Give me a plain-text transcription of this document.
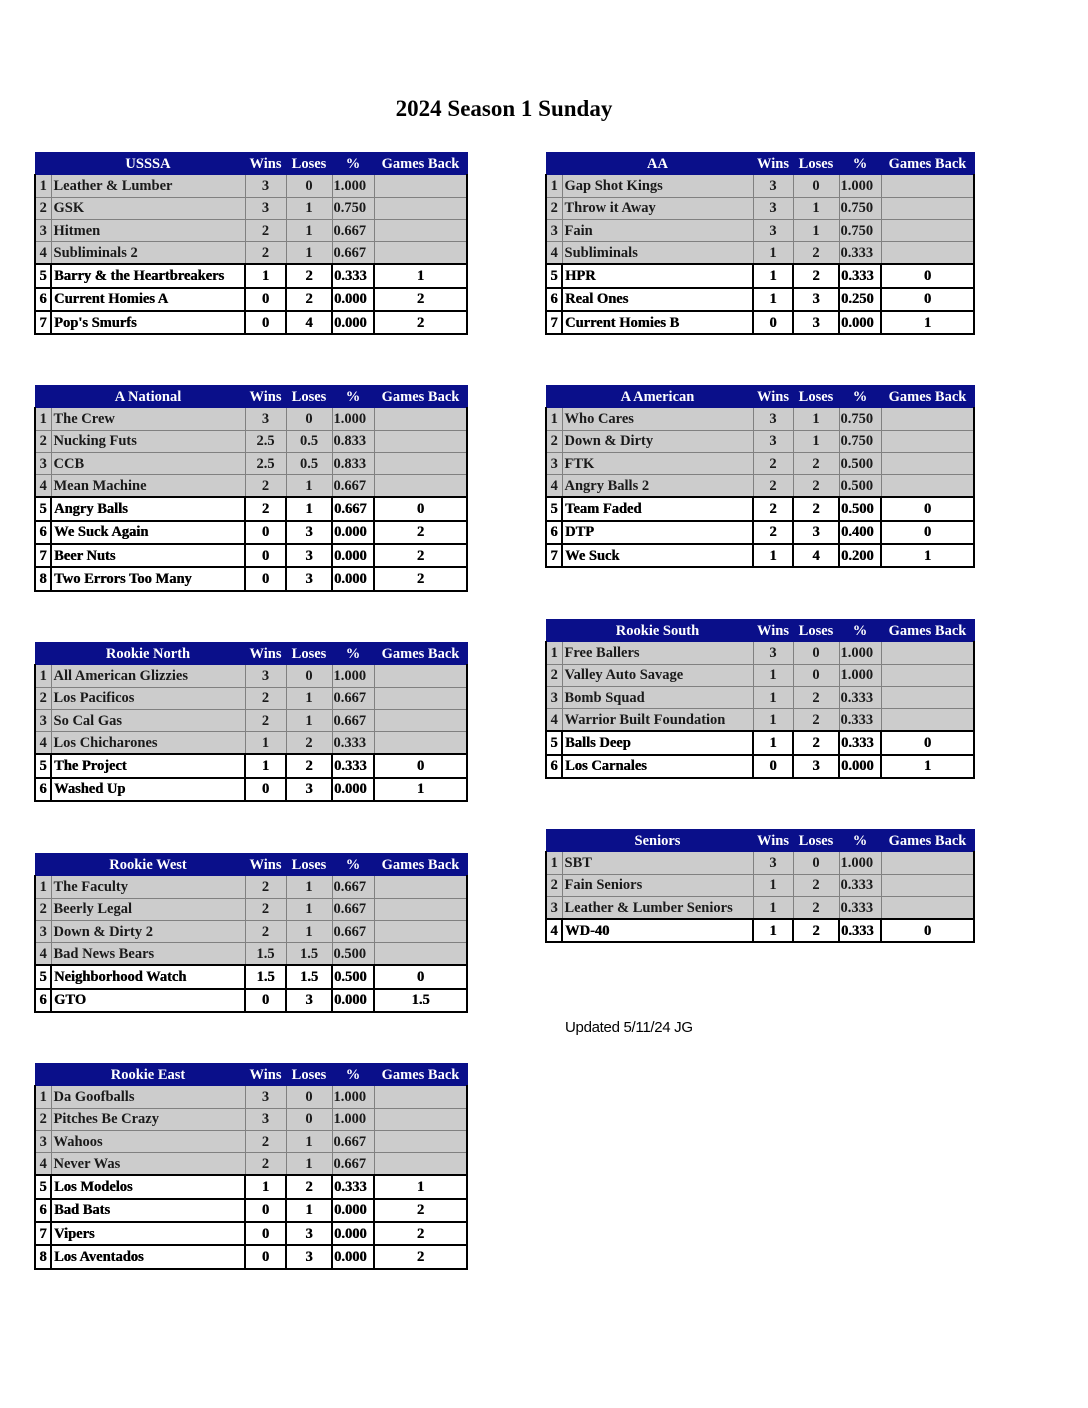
2024 Season 1 Sunday
	USSSA	Wins	Loses	%	Games Back
1	Leather & Lumber	3	0	1.000	
2	GSK	3	1	0.750	
3	Hitmen	2	1	0.667	
4	Subliminals 2	2	1	0.667	
5	Barry & the Heartbreakers	1	2	0.333	1
6	Current Homies A	0	2	0.000	2
7	Pop's Smurfs	0	4	0.000	2
	AA	Wins	Loses	%	Games Back
1	Gap Shot Kings	3	0	1.000	
2	Throw it Away	3	1	0.750	
3	Fain	3	1	0.750	
4	Subliminals	1	2	0.333	
5	HPR	1	2	0.333	0
6	Real Ones	1	3	0.250	0
7	Current Homies B	0	3	0.000	1
	A National	Wins	Loses	%	Games Back
1	The Crew	3	0	1.000	
2	Nucking Futs	2.5	0.5	0.833	
3	CCB	2.5	0.5	0.833	
4	Mean Machine	2	1	0.667	
5	Angry Balls	2	1	0.667	0
6	We Suck Again	0	3	0.000	2
7	Beer Nuts	0	3	0.000	2
8	Two Errors Too Many	0	3	0.000	2
	A American	Wins	Loses	%	Games Back
1	Who Cares	3	1	0.750	
2	Down & Dirty	3	1	0.750	
3	FTK	2	2	0.500	
4	Angry Balls 2	2	2	0.500	
5	Team Faded	2	2	0.500	0
6	DTP	2	3	0.400	0
7	We Suck	1	4	0.200	1
	Rookie South	Wins	Loses	%	Games Back
1	Free Ballers	3	0	1.000	
2	Valley Auto Savage	1	0	1.000	
3	Bomb Squad	1	2	0.333	
4	Warrior Built Foundation	1	2	0.333	
5	Balls Deep	1	2	0.333	0
6	Los Carnales	0	3	0.000	1
	Rookie North	Wins	Loses	%	Games Back
1	All American Glizzies	3	0	1.000	
2	Los Pacificos	2	1	0.667	
3	So Cal Gas	2	1	0.667	
4	Los Chicharones	1	2	0.333	
5	The Project	1	2	0.333	0
6	Washed Up	0	3	0.000	1
	Seniors	Wins	Loses	%	Games Back
1	SBT	3	0	1.000	
2	Fain Seniors	1	2	0.333	
3	Leather & Lumber Seniors	1	2	0.333	
4	WD-40	1	2	0.333	0
	Rookie West	Wins	Loses	%	Games Back
1	The Faculty	2	1	0.667	
2	Beerly Legal	2	1	0.667	
3	Down & Dirty 2	2	1	0.667	
4	Bad News Bears	1.5	1.5	0.500	
5	Neighborhood Watch	1.5	1.5	0.500	0
6	GTO	0	3	0.000	1.5
	Rookie East	Wins	Loses	%	Games Back
1	Da Goofballs	3	0	1.000	
2	Pitches Be Crazy	3	0	1.000	
3	Wahoos	2	1	0.667	
4	Never Was	2	1	0.667	
5	Los Modelos	1	2	0.333	1
6	Bad Bats	0	1	0.000	2
7	Vipers	0	3	0.000	2
8	Los Aventados	0	3	0.000	2
Updated 5/11/24 JG
